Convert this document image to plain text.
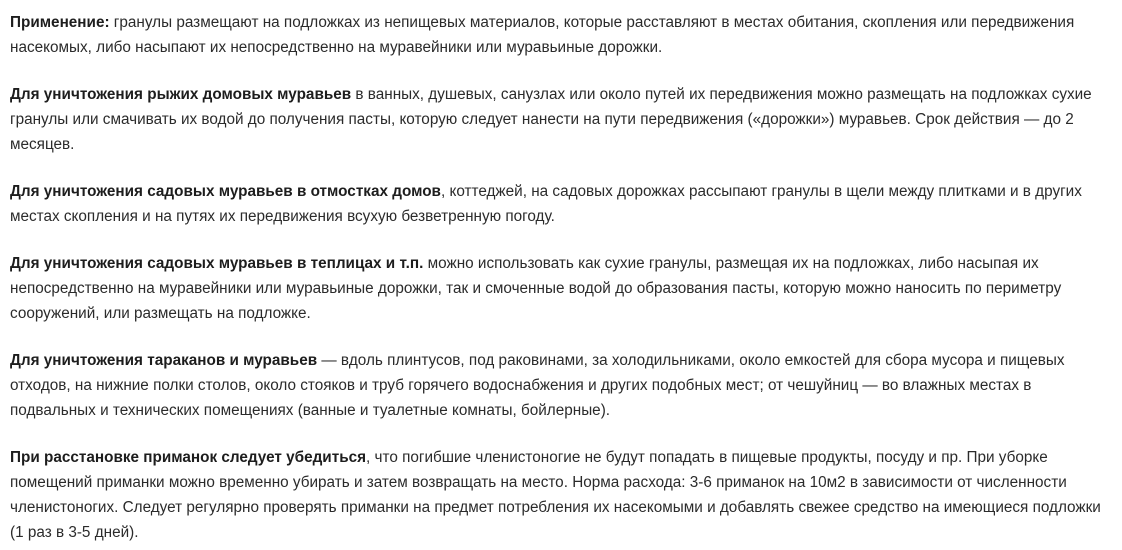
Применение: гранулы размещают на подложках из непищевых материалов, которые расставляют в местах обитания, скопления или передвижения насекомых, либо насыпают их непосредственно на муравейники или муравьиные дорожки.

Для уничтожения рыжих домовых муравьев в ванных, душевых, санузлах или около путей их передвижения можно размещать на подложках сухие гранулы или смачивать их водой до получения пасты, которую следует нанести на пути передвижения («дорожки») муравьев. Срок действия — до 2 месяцев.

Для уничтожения садовых муравьев в отмостках домов, коттеджей, на садовых дорожках рассыпают гранулы в щели между плитками и в других местах скопления и на путях их передвижения всухую безветренную погоду.

Для уничтожения садовых муравьев в теплицах и т.п. можно использовать как сухие гранулы, размещая их на подложках, либо насыпая их непосредственно на муравейники или муравьиные дорожки, так и смоченные водой до образования пасты, которую можно наносить по периметру сооружений, или размещать на подложке.

Для уничтожения тараканов и муравьев — вдоль плинтусов, под раковинами, за холодильниками, около емкостей для сбора мусора и пищевых отходов, на нижние полки столов, около стояков и труб горячего водоснабжения и других подобных мест; от чешуйниц — во влажных местах в подвальных и технических помещениях (ванные и туалетные комнаты, бойлерные).

При расстановке приманок следует убедиться, что погибшие членистоногие не будут попадать в пищевые продукты, посуду и пр. При уборке помещений приманки можно временно убирать и затем возвращать на место. Норма расхода: 3-6 приманок на 10м2 в зависимости от численности членистоногих. Следует регулярно проверять приманки на предмет потребления их насекомыми и добавлять свежее средство на имеющиеся подложки (1 раз в 3-5 дней).
